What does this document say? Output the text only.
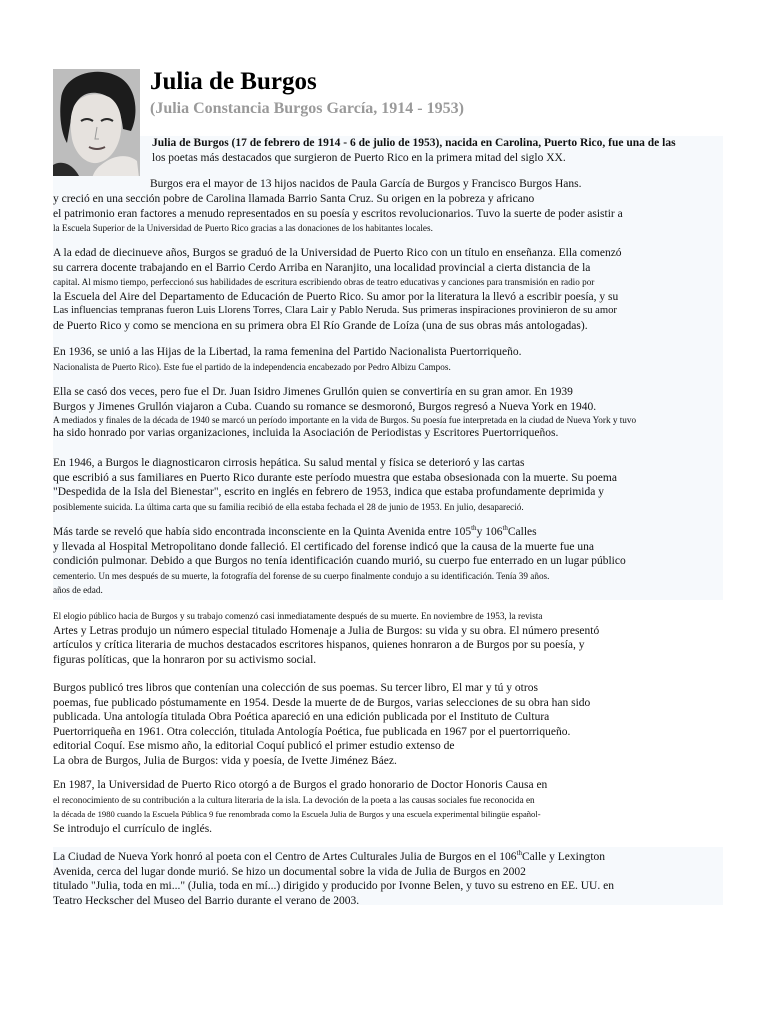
Julia de Burgos
(Julia Constancia Burgos García, 1914 - 1953)
Julia de Burgos (17 de febrero de 1914 - 6 de julio de 1953), nacida en Carolina, Puerto Rico, fue una de las
los poetas más destacados que surgieron de Puerto Rico en la primera mitad del siglo XX.
Burgos era el mayor de 13 hijos nacidos de Paula García de Burgos y Francisco Burgos Hans.
y creció en una sección pobre de Carolina llamada Barrio Santa Cruz. Su origen en la pobreza y africano
el patrimonio eran factores a menudo representados en su poesía y escritos revolucionarios. Tuvo la suerte de poder asistir a
la Escuela Superior de la Universidad de Puerto Rico gracias a las donaciones de los habitantes locales.
A la edad de diecinueve años, Burgos se graduó de la Universidad de Puerto Rico con un título en enseñanza. Ella comenzó
su carrera docente trabajando en el Barrio Cerdo Arriba en Naranjito, una localidad provincial a cierta distancia de la
capital. Al mismo tiempo, perfeccionó sus habilidades de escritura escribiendo obras de teatro educativas y canciones para transmisión en radio por
la Escuela del Aire del Departamento de Educación de Puerto Rico. Su amor por la literatura la llevó a escribir poesía, y su
Las influencias tempranas fueron Luis Llorens Torres, Clara Lair y Pablo Neruda. Sus primeras inspiraciones provinieron de su amor
de Puerto Rico y como se menciona en su primera obra El Río Grande de Loíza (una de sus obras más antologadas).
En 1936, se unió a las Hijas de la Libertad, la rama femenina del Partido Nacionalista Puertorriqueño.
Nacionalista de Puerto Rico). Este fue el partido de la independencia encabezado por Pedro Albizu Campos.
Ella se casó dos veces, pero fue el Dr. Juan Isidro Jimenes Grullón quien se convertiría en su gran amor. En 1939
Burgos y Jimenes Grullón viajaron a Cuba. Cuando su romance se desmoronó, Burgos regresó a Nueva York en 1940.
A mediados y finales de la década de 1940 se marcó un período importante en la vida de Burgos. Su poesía fue interpretada en la ciudad de Nueva York y tuvo
ha sido honrado por varias organizaciones, incluida la Asociación de Periodistas y Escritores Puertorriqueños.
En 1946, a Burgos le diagnosticaron cirrosis hepática. Su salud mental y física se deterioró y las cartas
que escribió a sus familiares en Puerto Rico durante este período muestra que estaba obsesionada con la muerte. Su poema
"Despedida de la Isla del Bienestar", escrito en inglés en febrero de 1953, indica que estaba profundamente deprimida y
posiblemente suicida. La última carta que su familia recibió de ella estaba fechada el 28 de junio de 1953. En julio, desapareció.
Más tarde se reveló que había sido encontrada inconsciente en la Quinta Avenida entre 105thy 106thCalles
y llevada al Hospital Metropolitano donde falleció. El certificado del forense indicó que la causa de la muerte fue una
condición pulmonar. Debido a que Burgos no tenía identificación cuando murió, su cuerpo fue enterrado en un lugar público
cementerio. Un mes después de su muerte, la fotografía del forense de su cuerpo finalmente condujo a su identificación. Tenía 39 años.
años de edad.
El elogio público hacia de Burgos y su trabajo comenzó casi inmediatamente después de su muerte. En noviembre de 1953, la revista
Artes y Letras produjo un número especial titulado Homenaje a Julia de Burgos: su vida y su obra. El número presentó
artículos y crítica literaria de muchos destacados escritores hispanos, quienes honraron a de Burgos por su poesía, y
figuras políticas, que la honraron por su activismo social.
Burgos publicó tres libros que contenían una colección de sus poemas. Su tercer libro, El mar y tú y otros
poemas, fue publicado póstumamente en 1954. Desde la muerte de de Burgos, varias selecciones de su obra han sido
publicada. Una antología titulada Obra Poética apareció en una edición publicada por el Instituto de Cultura
Puertorriqueña en 1961. Otra colección, titulada Antología Poética, fue publicada en 1967 por el puertorriqueño.
editorial Coquí. Ese mismo año, la editorial Coquí publicó el primer estudio extenso de
La obra de Burgos, Julia de Burgos: vida y poesía, de Ivette Jiménez Báez.
En 1987, la Universidad de Puerto Rico otorgó a de Burgos el grado honorario de Doctor Honoris Causa en
el reconocimiento de su contribución a la cultura literaria de la isla. La devoción de la poeta a las causas sociales fue reconocida en
la década de 1980 cuando la Escuela Pública 9 fue renombrada como la Escuela Julia de Burgos y una escuela experimental bilingüe español-
Se introdujo el currículo de inglés.
La Ciudad de Nueva York honró al poeta con el Centro de Artes Culturales Julia de Burgos en el 106thCalle y Lexington
Avenida, cerca del lugar donde murió. Se hizo un documental sobre la vida de Julia de Burgos en 2002
titulado "Julia, toda en mi..." (Julia, toda en mí...) dirigido y producido por Ivonne Belen, y tuvo su estreno en EE. UU. en
Teatro Heckscher del Museo del Barrio durante el verano de 2003.
